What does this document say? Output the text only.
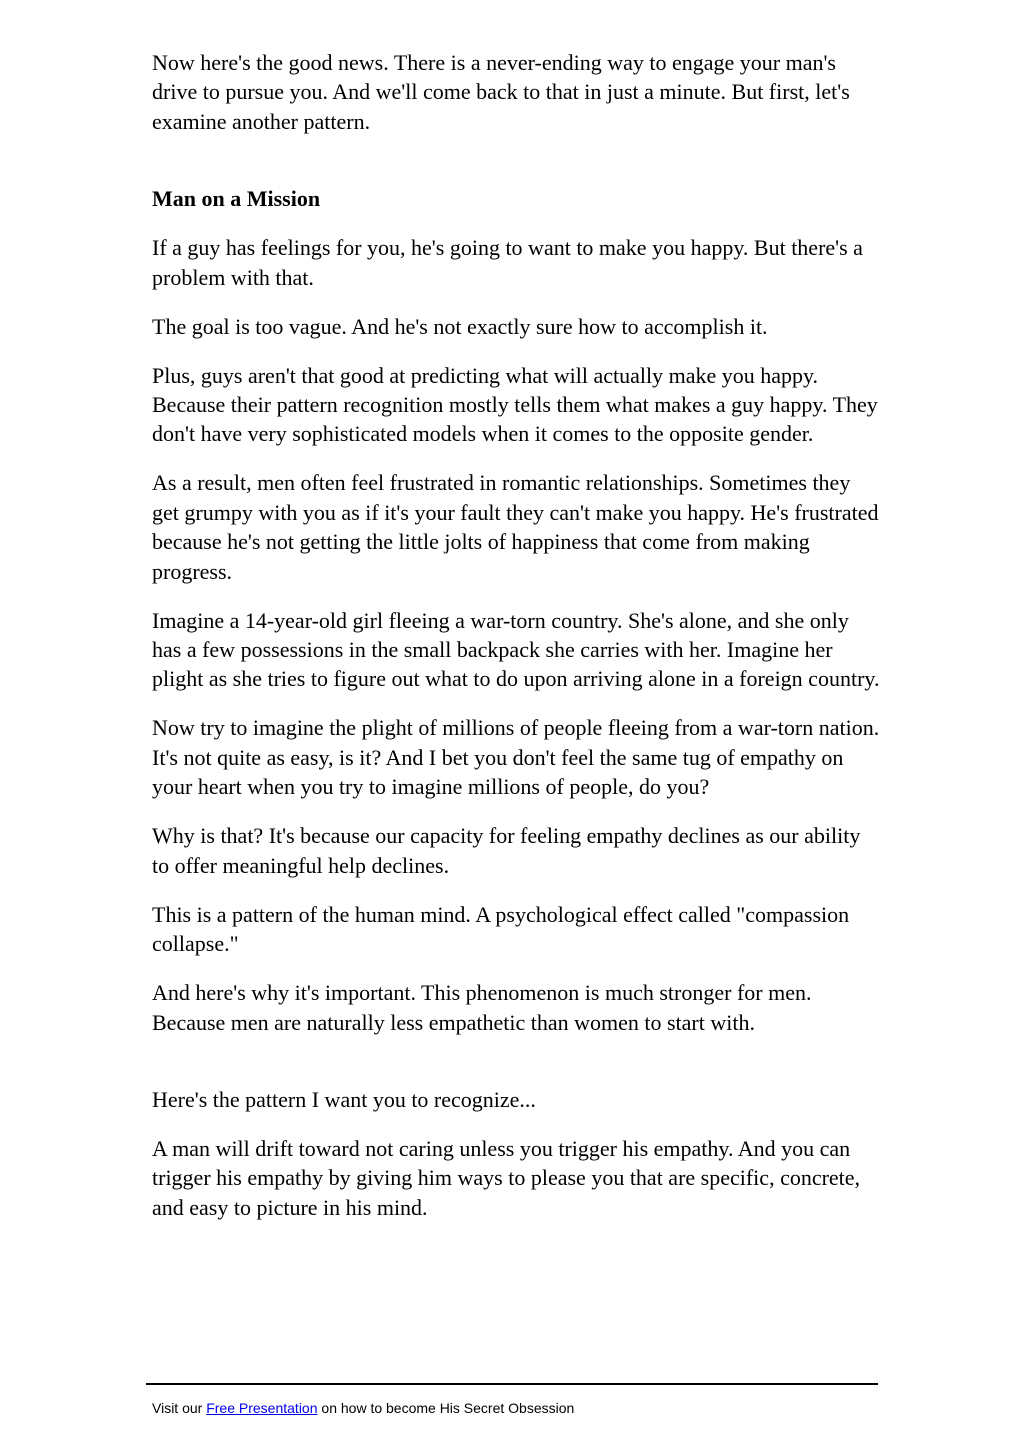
Now here's the good news. There is a never-ending way to engage your man's drive to pursue you. And we'll come back to that in just a minute. But first, let's examine another pattern.

Man on a Mission

If a guy has feelings for you, he's going to want to make you happy. But there's a problem with that.

The goal is too vague. And he's not exactly sure how to accomplish it.

Plus, guys aren't that good at predicting what will actually make you happy. Because their pattern recognition mostly tells them what makes a guy happy. They don't have very sophisticated models when it comes to the opposite gender.

As a result, men often feel frustrated in romantic relationships. Sometimes they get grumpy with you as if it's your fault they can't make you happy. He's frustrated because he's not getting the little jolts of happiness that come from making progress.

Imagine a 14-year-old girl fleeing a war-torn country. She's alone, and she only has a few possessions in the small backpack she carries with her. Imagine her plight as she tries to figure out what to do upon arriving alone in a foreign country.

Now try to imagine the plight of millions of people fleeing from a war-torn nation. It's not quite as easy, is it? And I bet you don't feel the same tug of empathy on your heart when you try to imagine millions of people, do you?

Why is that? It's because our capacity for feeling empathy declines as our ability to offer meaningful help declines.

This is a pattern of the human mind. A psychological effect called "compassion collapse."

And here's why it's important. This phenomenon is much stronger for men. Because men are naturally less empathetic than women to start with.

Here's the pattern I want you to recognize...

A man will drift toward not caring unless you trigger his empathy. And you can trigger his empathy by giving him ways to please you that are specific, concrete, and easy to picture in his mind.

Visit our Free Presentation on how to become His Secret Obsession
